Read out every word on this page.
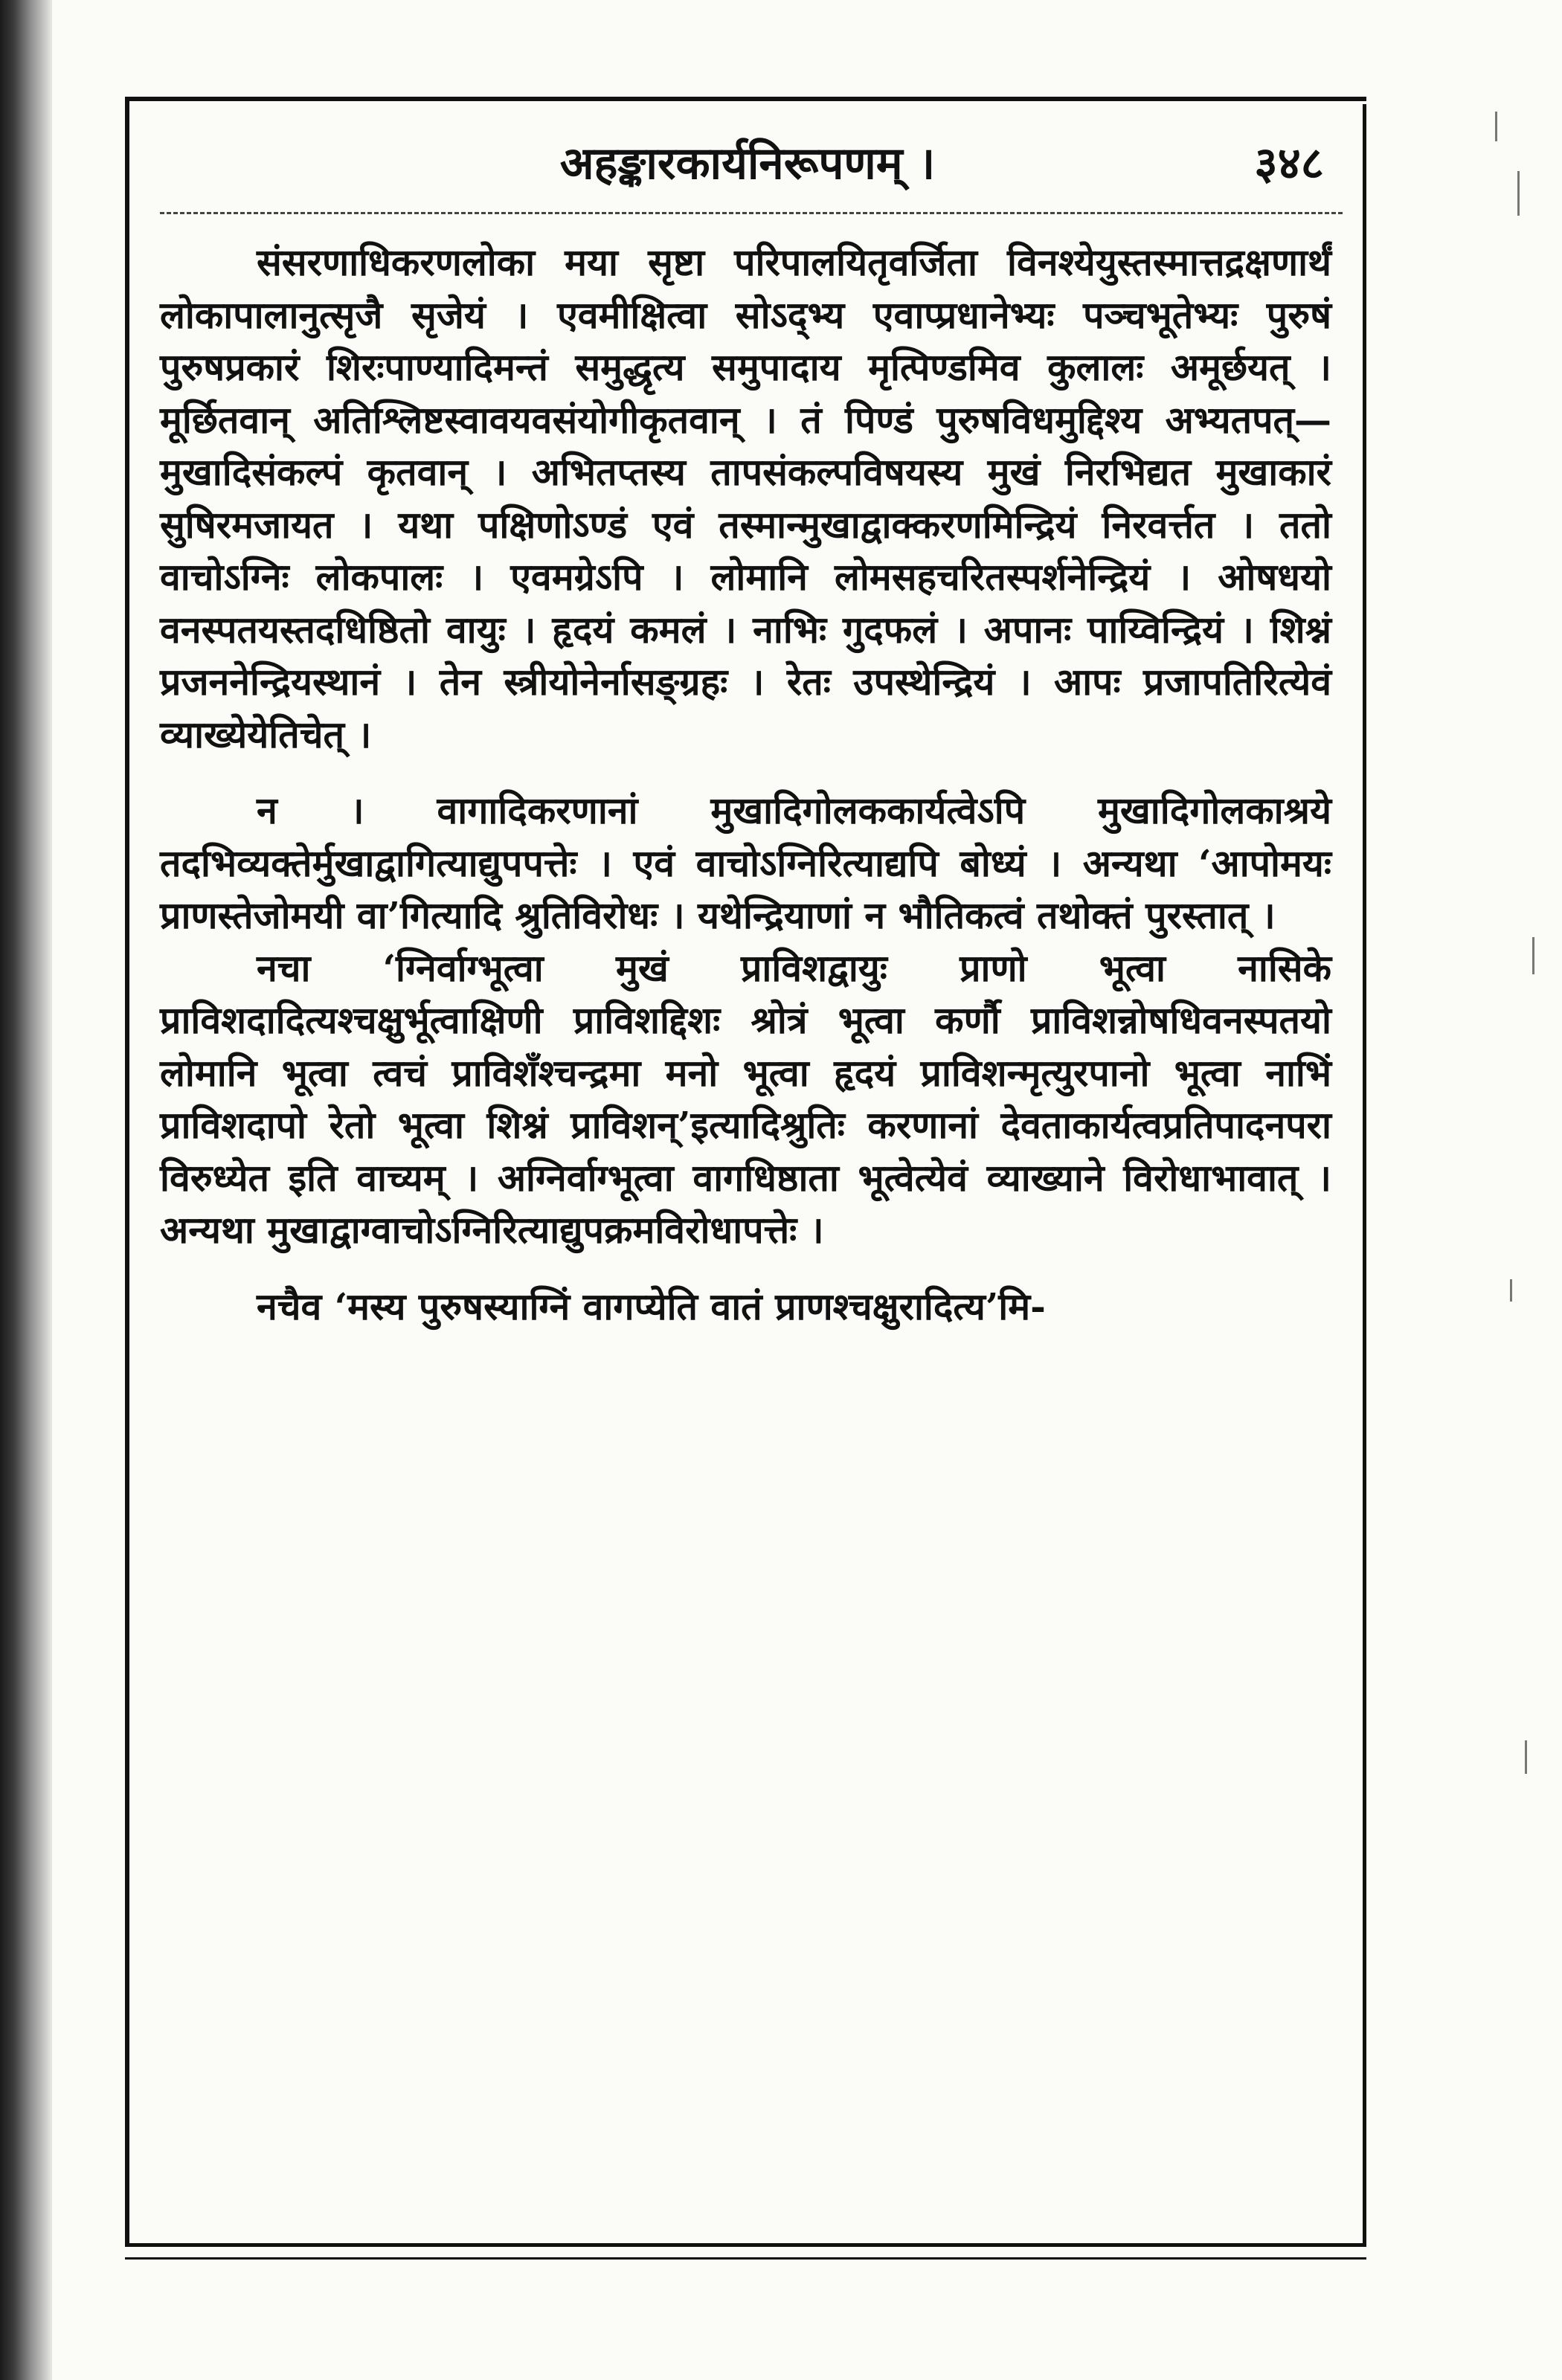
अहङ्कारकार्यनिरूपणम् ।	३४८

संसरणाधिकरणलोका मया सृष्टा परिपालयितृवर्जिता विनश्येयुस्तस्मात्तद्रक्षणार्थं लोकापालानुत्सृजै सृजेयं । एवमीक्षित्वा सोऽद्भ्य एवाप्प्रधानेभ्यः पञ्चभूतेभ्यः पुरुषं पुरुषप्रकारं शिरःपाण्यादिमन्तं समुद्धृत्य समुपादाय मृत्पिण्डमिव कुलालः अमूर्छयत् । मूर्छितवान् अतिश्लिष्टस्वावयवसंयोगीकृतवान् । तं पिण्डं पुरुषविधमुद्दिश्य अभ्यतपत्—मुखादिसंकल्पं कृतवान् । अभितप्तस्य तापसंकल्पविषयस्य मुखं निरभिद्यत मुखाकारं सुषिरमजायत । यथा पक्षिणोऽण्डं एवं तस्मान्मुखाद्वाक्करणमिन्द्रियं निरवर्त्तत । ततो वाचोऽग्निः लोकपालः । एवमग्रेऽपि । लोमानि लोमसहचरितस्पर्शनेन्द्रियं । ओषधयो वनस्पतयस्तदधिष्ठितो वायुः । हृदयं कमलं । नाभिः गुदफलं । अपानः पाय्विन्द्रियं । शिश्नं प्रजननेन्द्रियस्थानं । तेन स्त्रीयोनेर्नासङ्ग्रहः । रेतः उपस्थेन्द्रियं । आपः प्रजापतिरित्येवं व्याख्येयेतिचेत् ।

न । वागादिकरणानां मुखादिगोलककार्यत्वेऽपि मुखादिगोलकाश्रये तदभिव्यक्तेर्मुखाद्वागित्याद्युपपत्तेः । एवं वाचोऽग्निरित्याद्यपि बोध्यं । अन्यथा ‘आपोमयः प्राणस्तेजोमयी वा’गित्यादि श्रुतिविरोधः । यथेन्द्रियाणां न भौतिकत्वं तथोक्तं पुरस्तात् ।

नचा ‘ग्निर्वाग्भूत्वा मुखं प्राविशद्वायुः प्राणो भूत्वा नासिके प्राविशदादित्यश्चक्षुर्भूत्वाक्षिणी प्राविशद्दिशः श्रोत्रं भूत्वा कर्णौ प्राविशन्नोषधिवनस्पतयो लोमानि भूत्वा त्वचं प्राविशँश्चन्द्रमा मनो भूत्वा हृदयं प्राविशन्मृत्युरपानो भूत्वा नाभिं प्राविशदापो रेतो भूत्वा शिश्नं प्राविशन्’इत्यादिश्रुतिः करणानां देवताकार्यत्वप्रतिपादनपरा विरुध्येत इति वाच्यम् । अग्निर्वाग्भूत्वा वागधिष्ठाता भूत्वेत्येवं व्याख्याने विरोधाभावात् । अन्यथा मुखाद्वाग्वाचोऽग्निरित्याद्युपक्रमविरोधापत्तेः ।

नचैव ‘मस्य पुरुषस्याग्निं वागप्येति वातं प्राणश्चक्षुरादित्य’मि-
